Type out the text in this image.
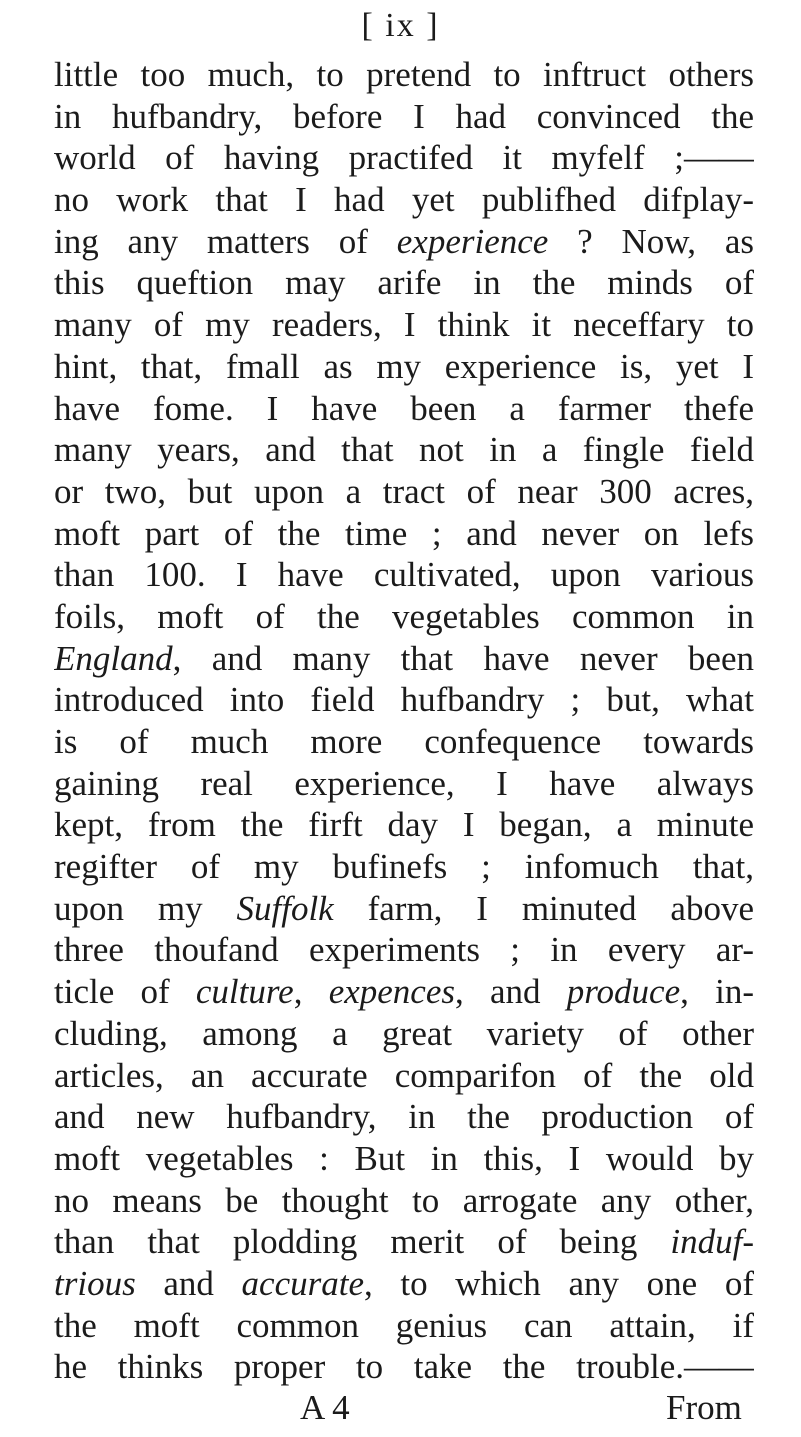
[ ix ]
little too much, to pretend to inftruct others
in hufbandry, before I had convinced the
world of having practifed it myfelf ;——
no work that I had yet publifhed difplay-
ing any matters of experience ? Now, as
this queftion may arife in the minds of
many of my readers, I think it neceffary to
hint, that, fmall as my experience is, yet I
have fome. I have been a farmer thefe
many years, and that not in a fingle field
or two, but upon a tract of near 300 acres,
moft part of the time ; and never on lefs
than 100. I have cultivated, upon various
foils, moft of the vegetables common in
England, and many that have never been
introduced into field hufbandry ; but, what
is of much more confequence towards
gaining real experience, I have always
kept, from the firft day I began, a minute
regifter of my bufinefs ; infomuch that,
upon my Suffolk farm, I minuted above
three thoufand experiments ; in every ar-
ticle of culture, expences, and produce, in-
cluding, among a great variety of other
articles, an accurate comparifon of the old
and new hufbandry, in the production of
moft vegetables : But in this, I would by
no means be thought to arrogate any other,
than that plodding merit of being induf-
trious and accurate, to which any one of
the moft common genius can attain, if
he thinks proper to take the trouble.——
A 4	From
